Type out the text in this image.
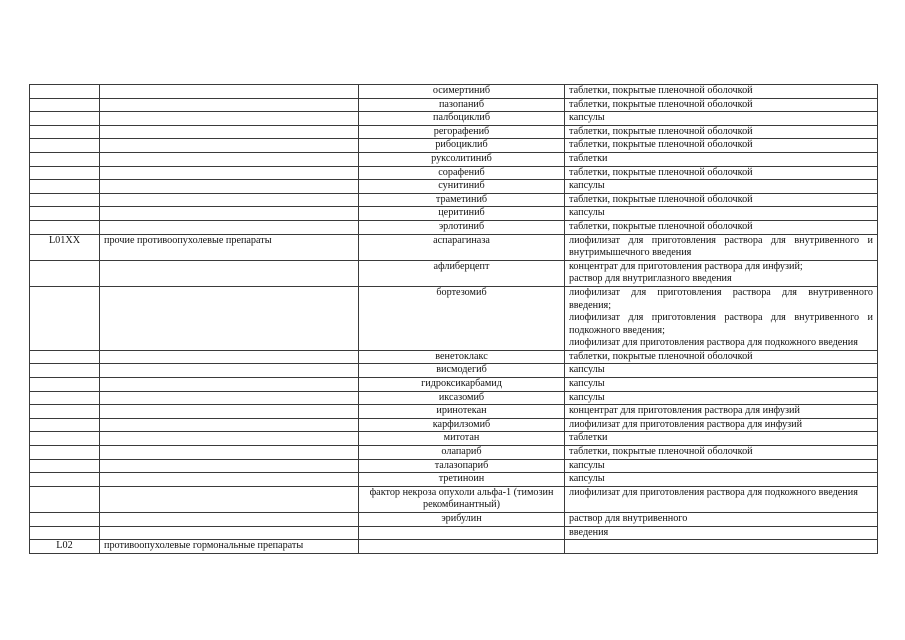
		осимертиниб	таблетки, покрытые пленочной оболочкой

		пазопаниб	таблетки, покрытые пленочной оболочкой

		палбоциклиб	капсулы

		регорафениб	таблетки, покрытые пленочной оболочкой

		рибоциклиб	таблетки, покрытые пленочной оболочкой

		руксолитиниб	таблетки

		сорафениб	таблетки, покрытые пленочной оболочкой

		сунитиниб	капсулы

		траметиниб	таблетки, покрытые пленочной оболочкой

		церитиниб	капсулы

		эрлотиниб	таблетки, покрытые пленочной оболочкой

L01XX	прочие противоопухолевые препараты	аспарагиназа	лиофилизат для приготовления раствора для внутривенного и внутримышечного введения

		афлиберцепт	концентрат для приготовления раствора для инфузий;
раствор для внутриглазного введения

		бортезомиб	лиофилизат для приготовления раствора для внутривенного введения;
лиофилизат для приготовления раствора для внутривенного и подкожного введения;
лиофилизат для приготовления раствора для подкожного введения

		венетоклакс	таблетки, покрытые пленочной оболочкой

		висмодегиб	капсулы

		гидроксикарбамид	капсулы

		иксазомиб	капсулы

		иринотекан	концентрат для приготовления раствора для инфузий

		карфилзомиб	лиофилизат для приготовления раствора для инфузий

		митотан	таблетки

		олапариб	таблетки, покрытые пленочной оболочкой

		талазопариб	капсулы

		третиноин	капсулы

		фактор некроза опухоли альфа-1 (тимозин рекомбинантный)	лиофилизат для приготовления раствора для подкожного введения

		эрибулин	раствор для внутривенного

			введения

L02	противоопухолевые гормональные препараты		
